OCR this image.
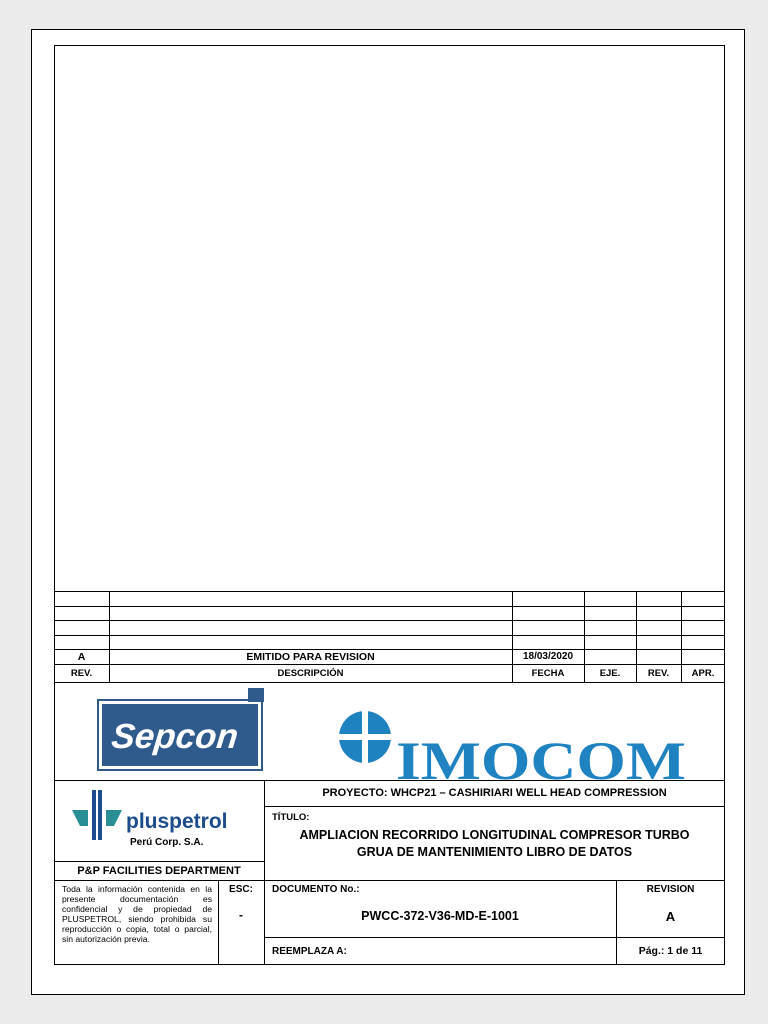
A	EMITIDO PARA REVISION	18/03/2020
REV.	DESCRIPCIÓN	FECHA	EJE.	REV.	APR.
Sepcon	IMOCOM
pluspetrol
Perú Corp. S.A.
PROYECTO: WHCP21 – CASHIRIARI WELL HEAD COMPRESSION
TÍTULO:
AMPLIACION RECORRIDO LONGITUDINAL COMPRESOR TURBO
GRUA DE MANTENIMIENTO LIBRO DE DATOS
P&P FACILITIES DEPARTMENT
Toda la información contenida en la presente documentación es confidencial y de propiedad de PLUSPETROL, siendo prohibida su reproducción o copia, total o parcial, sin autorización previa.
ESC:
-
DOCUMENTO No.:
PWCC-372-V36-MD-E-1001
REVISION
A
REEMPLAZA A:	Pág.: 1 de 11
